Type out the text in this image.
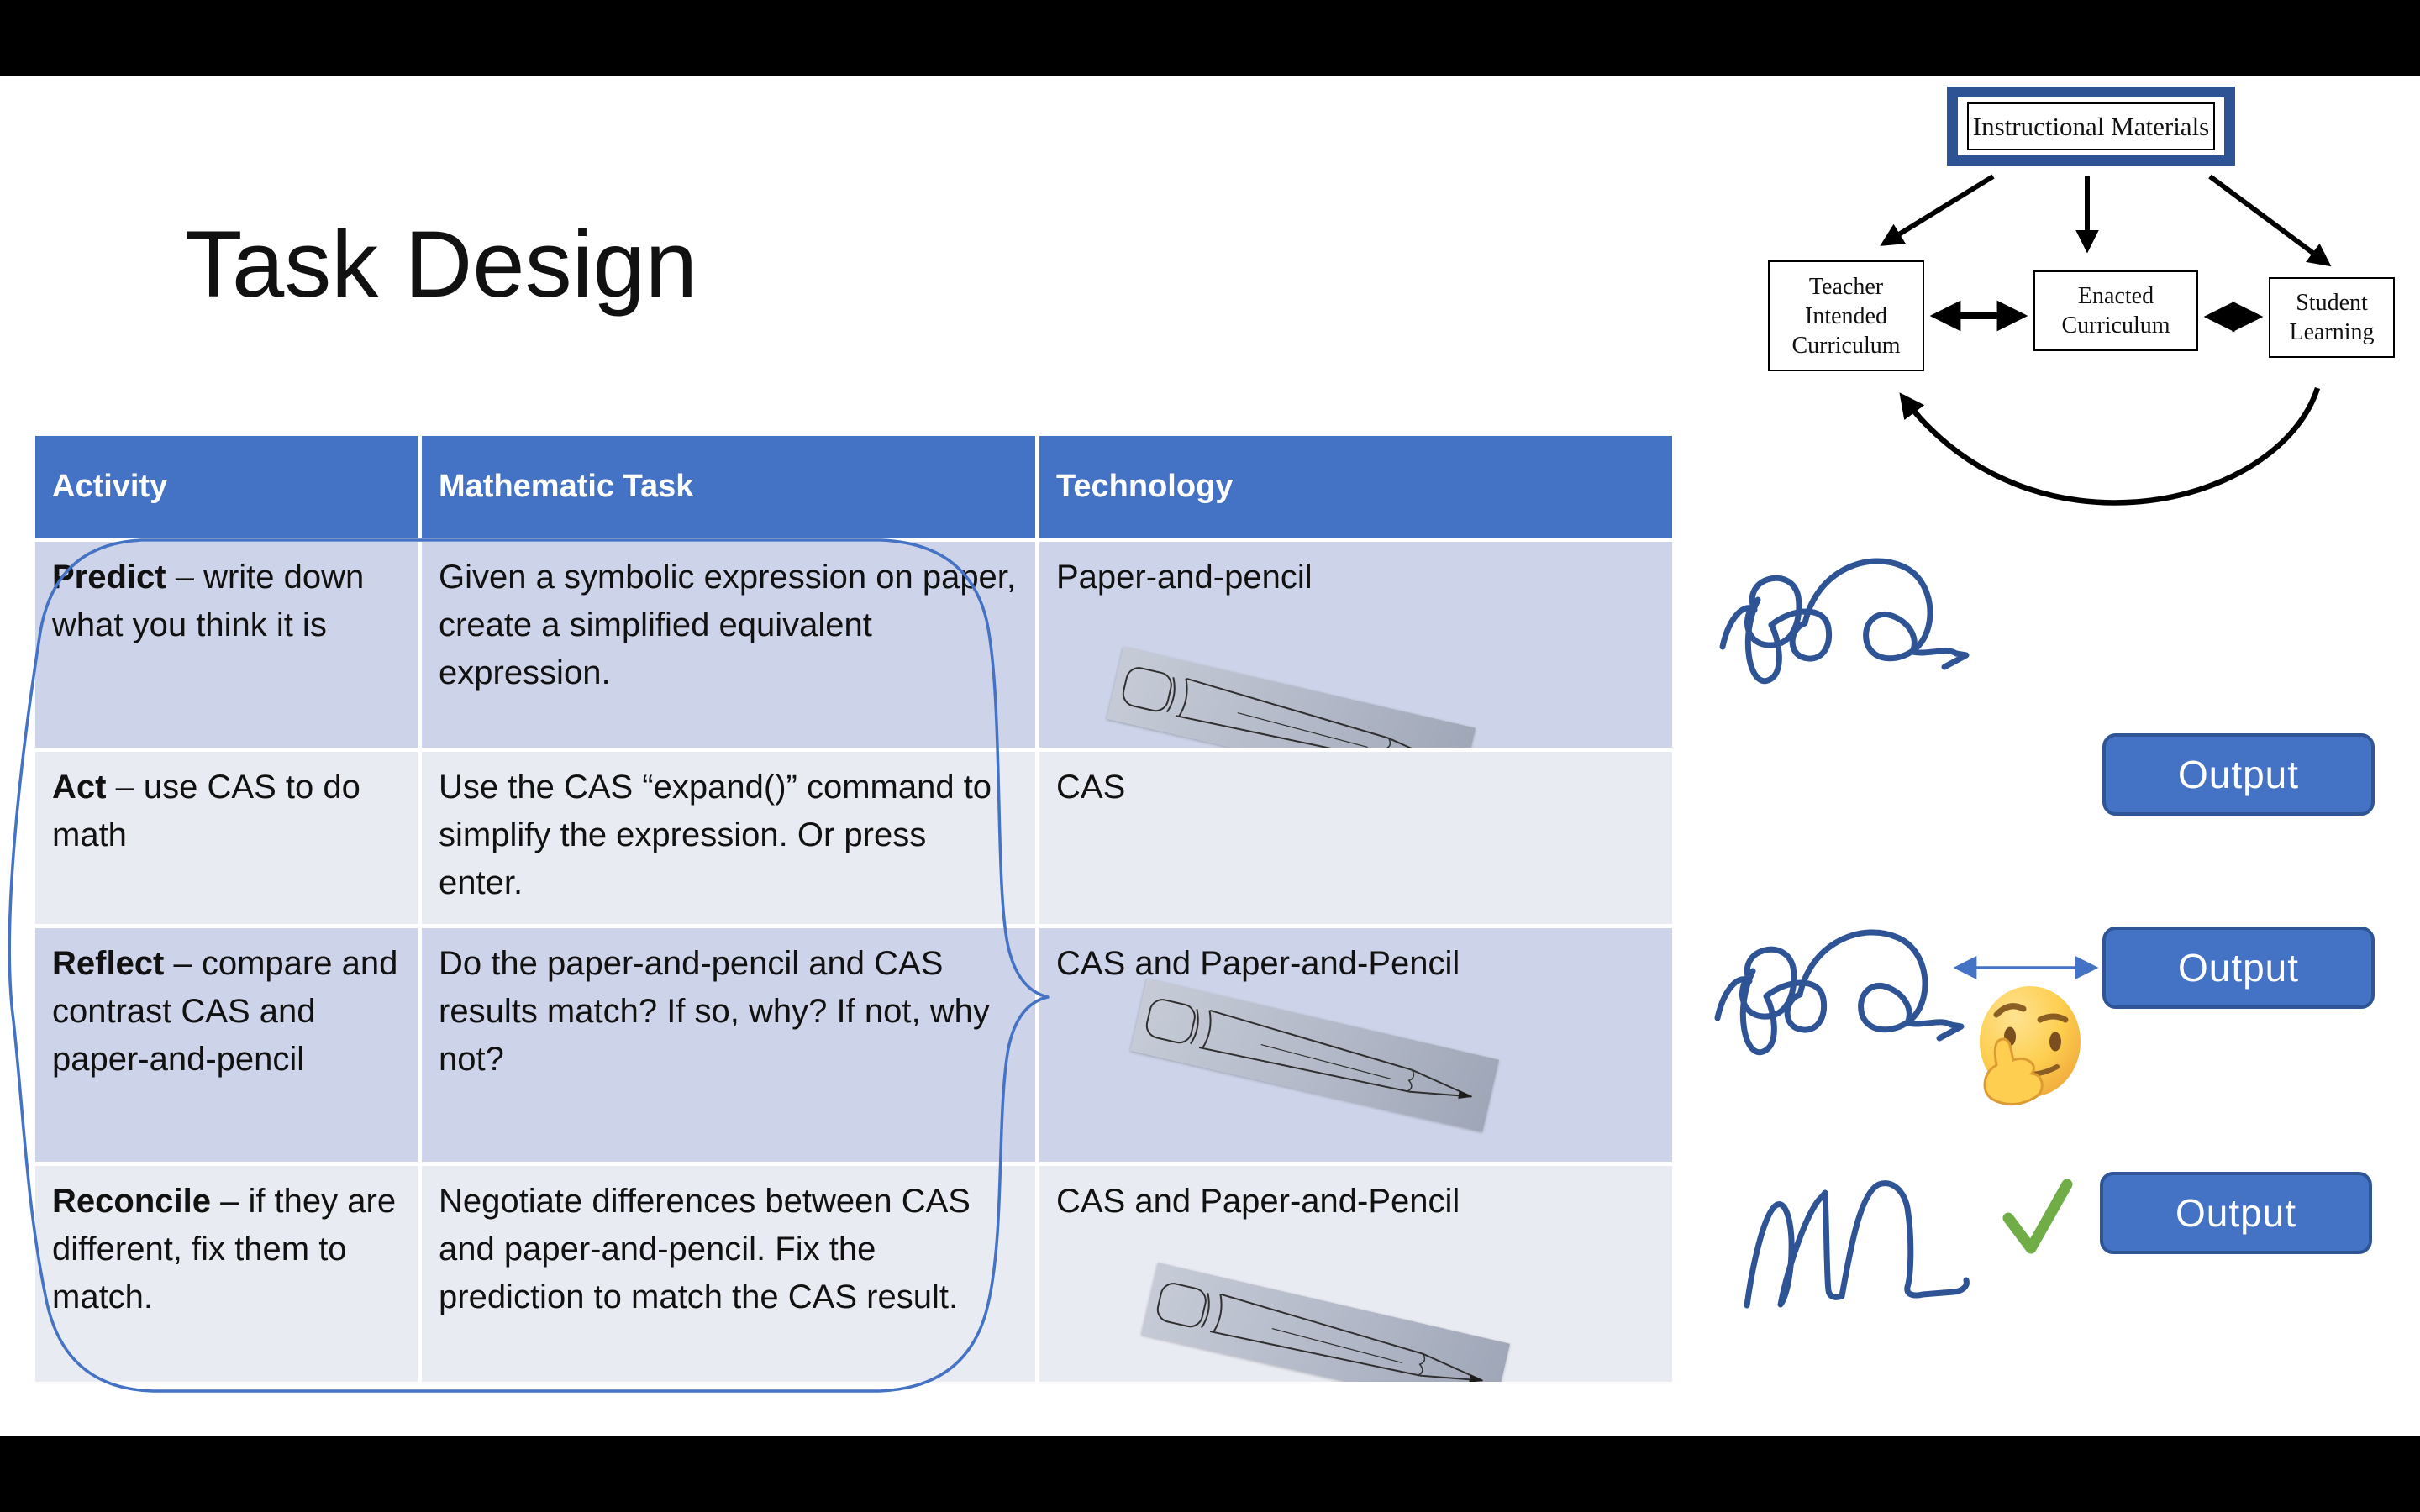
Task Design
Activity	Mathematic Task	Technology
Predict – write down what you think it is
Given a symbolic expression on paper, create a simplified equivalent expression.
Paper-and-pencil
Act – use CAS to do math
Use the CAS “expand()” command to simplify the expression. Or press enter.
CAS
Reflect – compare and contrast CAS and paper-and-pencil
Do the paper-and-pencil and CAS results match? If so, why? If not, why not?
CAS and Paper-and-Pencil
Reconcile – if they are different, fix them to match.
Negotiate differences between CAS and paper-and-pencil. Fix the prediction to match the CAS result.
CAS and Paper-and-Pencil
Instructional Materials
Teacher Intended Curriculum
Enacted Curriculum
Student Learning
Output
Output
Output
